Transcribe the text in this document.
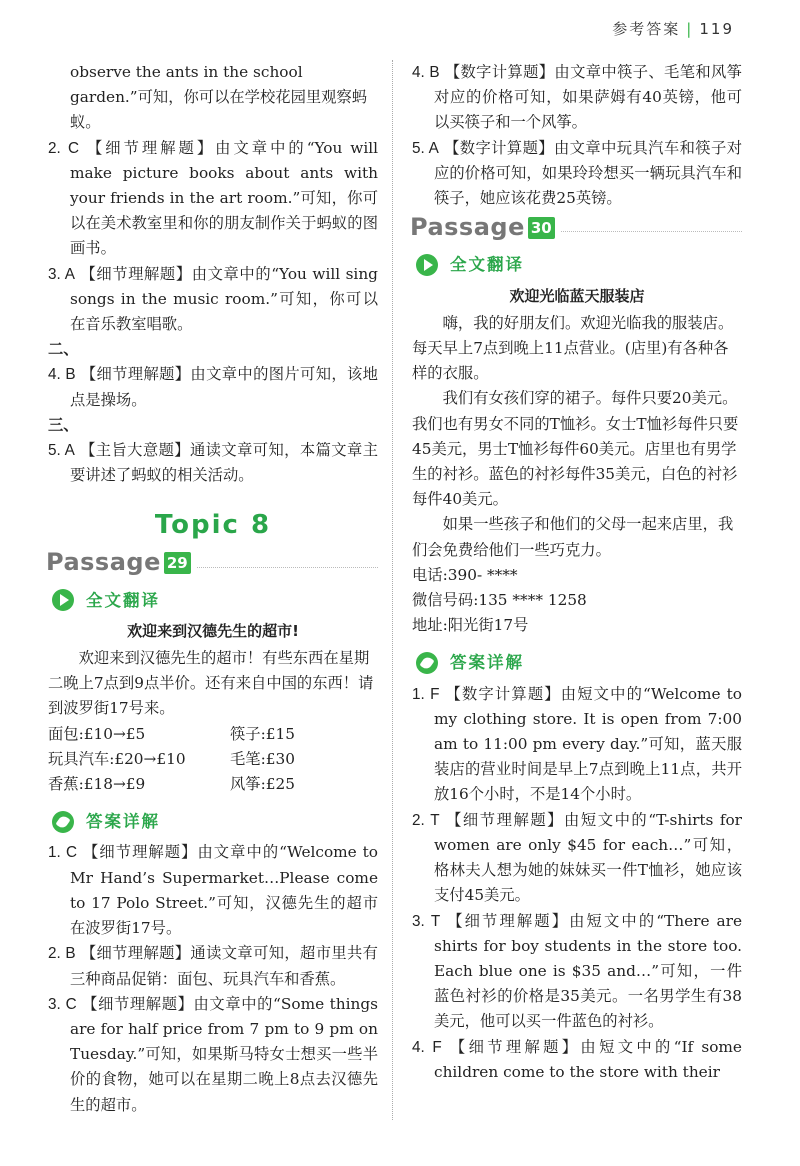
参考答案 | 119

observe the ants in the school garden.”可知，你可以在学校花园里观察蚂蚁。

2. C 【细节理解题】由文章中的“You will make picture books about ants with your friends in the art room.”可知，你可以在美术教室里和你的朋友制作关于蚂蚁的图画书。

3. A 【细节理解题】由文章中的“You will sing songs in the music room.”可知，你可以在音乐教室唱歌。

二、

4. B 【细节理解题】由文章中的图片可知，该地点是操场。

三、

5. A 【主旨大意题】通读文章可知，本篇文章主要讲述了蚂蚁的相关活动。

Topic 8
Passage 29
全文翻译

欢迎来到汉德先生的超市!

欢迎来到汉德先生的超市！有些东西在星期二晚上7点到9点半价。还有来自中国的东西！请到波罗街17号来。

面包:£10→£5	筷子:£15
玩具汽车:£20→£10	毛笔:£30
香蕉:£18→£9	风筝:£25
答案详解

1. C 【细节理解题】由文章中的“Welcome to Mr Hand’s Supermarket…Please come to 17 Polo Street.”可知，汉德先生的超市在波罗街17号。

2. B 【细节理解题】通读文章可知，超市里共有三种商品促销：面包、玩具汽车和香蕉。

3. C 【细节理解题】由文章中的“Some things are for half price from 7 pm to 9 pm on Tuesday.”可知，如果斯马特女士想买一些半价的食物，她可以在星期二晚上8点去汉德先生的超市。

4. B 【数字计算题】由文章中筷子、毛笔和风筝对应的价格可知，如果萨姆有40英镑，他可以买筷子和一个风筝。

5. A 【数字计算题】由文章中玩具汽车和筷子对应的价格可知，如果玲玲想买一辆玩具汽车和筷子，她应该花费25英镑。

Passage 30
全文翻译

欢迎光临蓝天服装店

嗨，我的好朋友们。欢迎光临我的服装店。每天早上7点到晚上11点营业。(店里)有各种各样的衣服。

我们有女孩们穿的裙子。每件只要20美元。我们也有男女不同的T恤衫。女士T恤衫每件只要45美元，男士T恤衫每件60美元。店里也有男学生的衬衫。蓝色的衬衫每件35美元，白色的衬衫每件40美元。

如果一些孩子和他们的父母一起来店里，我们会免费给他们一些巧克力。

电话:390- ****

微信号码:135 **** 1258

地址:阳光街17号

答案详解

1. F 【数字计算题】由短文中的“Welcome to my clothing store. It is open from 7:00 am to 11:00 pm every day.”可知，蓝天服装店的营业时间是早上7点到晚上11点，共开放16个小时，不是14个小时。

2. T 【细节理解题】由短文中的“T-shirts for women are only $45 for each…”可知，格林夫人想为她的妹妹买一件T恤衫，她应该支付45美元。

3. T 【细节理解题】由短文中的“There are shirts for boy students in the store too. Each blue one is $35 and…”可知，一件蓝色衬衫的价格是35美元。一名男学生有38美元，他可以买一件蓝色的衬衫。

4. F 【细节理解题】由短文中的“If some children come to the store with their
